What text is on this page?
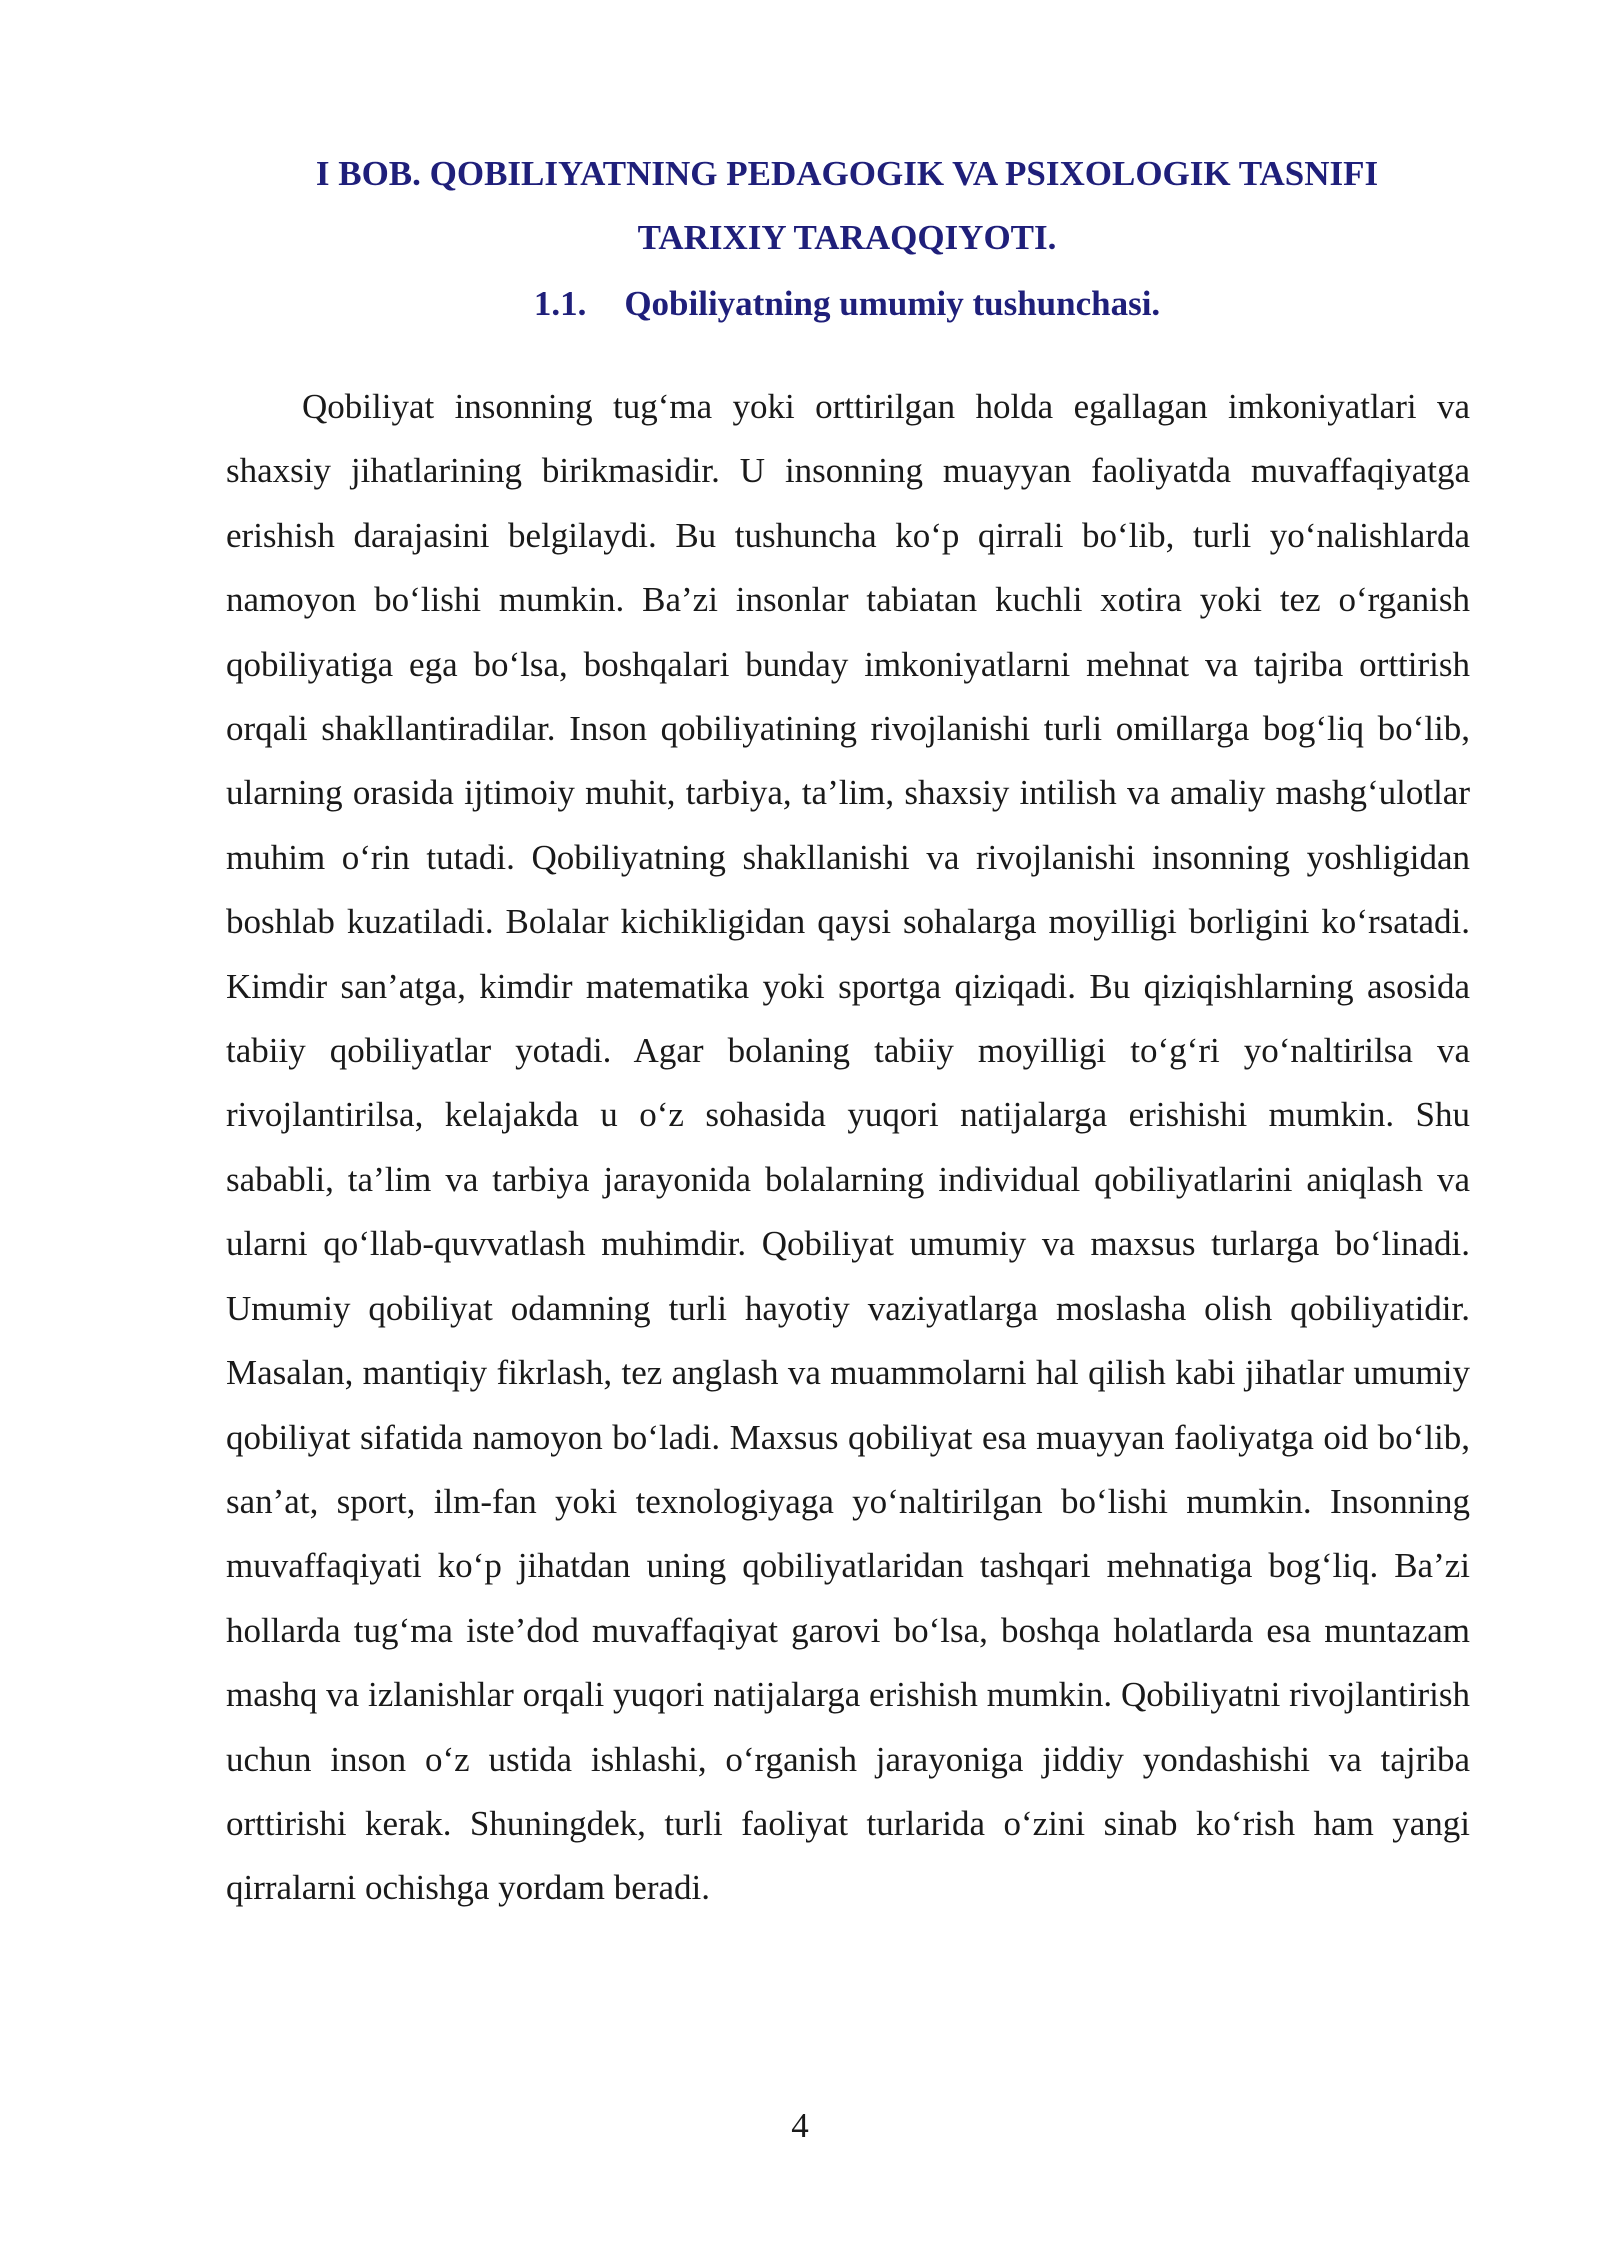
I BOB. QOBILIYATNING PEDAGOGIK VA PSIXOLOGIK TASNIFI
TARIXIY TARAQQIYOTI.
1.1. Qobiliyatning umumiy tushunchasi.

Qobiliyat insonning tug‘ma yoki orttirilgan holda egallagan imkoniyatlari va shaxsiy jihatlarining birikmasidir. U insonning muayyan faoliyatda muvaffaqiyatga erishish darajasini belgilaydi. Bu tushuncha ko‘p qirrali bo‘lib, turli yo‘nalishlarda namoyon bo‘lishi mumkin. Ba’zi insonlar tabiatan kuchli xotira yoki tez o‘rganish qobiliyatiga ega bo‘lsa, boshqalari bunday imkoniyatlarni mehnat va tajriba orttirish orqali shakllantiradilar. Inson qobiliyatining rivojlanishi turli omillarga bog‘liq bo‘lib, ularning orasida ijtimoiy muhit, tarbiya, ta’lim, shaxsiy intilish va amaliy mashg‘ulotlar muhim o‘rin tutadi. Qobiliyatning shakllanishi va rivojlanishi insonning yoshligidan boshlab kuzatiladi. Bolalar kichikligidan qaysi sohalarga moyilligi borligini ko‘rsatadi. Kimdir san’atga, kimdir matematika yoki sportga qiziqadi. Bu qiziqishlarning asosida tabiiy qobiliyatlar yotadi. Agar bolaning tabiiy moyilligi to‘g‘ri yo‘naltirilsa va rivojlantirilsa, kelajakda u o‘z sohasida yuqori natijalarga erishishi mumkin. Shu sababli, ta’lim va tarbiya jarayonida bolalarning individual qobiliyatlarini aniqlash va ularni qo‘llab-quvvatlash muhimdir. Qobiliyat umumiy va maxsus turlarga bo‘linadi. Umumiy qobiliyat odamning turli hayotiy vaziyatlarga moslasha olish qobiliyatidir. Masalan, mantiqiy fikrlash, tez anglash va muammolarni hal qilish kabi jihatlar umumiy qobiliyat sifatida namoyon bo‘ladi. Maxsus qobiliyat esa muayyan faoliyatga oid bo‘lib, san’at, sport, ilm-fan yoki texnologiyaga yo‘naltirilgan bo‘lishi mumkin. Insonning muvaffaqiyati ko‘p jihatdan uning qobiliyatlaridan tashqari mehnatiga bog‘liq. Ba’zi hollarda tug‘ma iste’dod muvaffaqiyat garovi bo‘lsa, boshqa holatlarda esa muntazam mashq va izlanishlar orqali yuqori natijalarga erishish mumkin. Qobiliyatni rivojlantirish uchun inson o‘z ustida ishlashi, o‘rganish jarayoniga jiddiy yondashishi va tajriba orttirishi kerak. Shuningdek, turli faoliyat turlarida o‘zini sinab ko‘rish ham yangi qirralarni ochishga yordam beradi.

4
